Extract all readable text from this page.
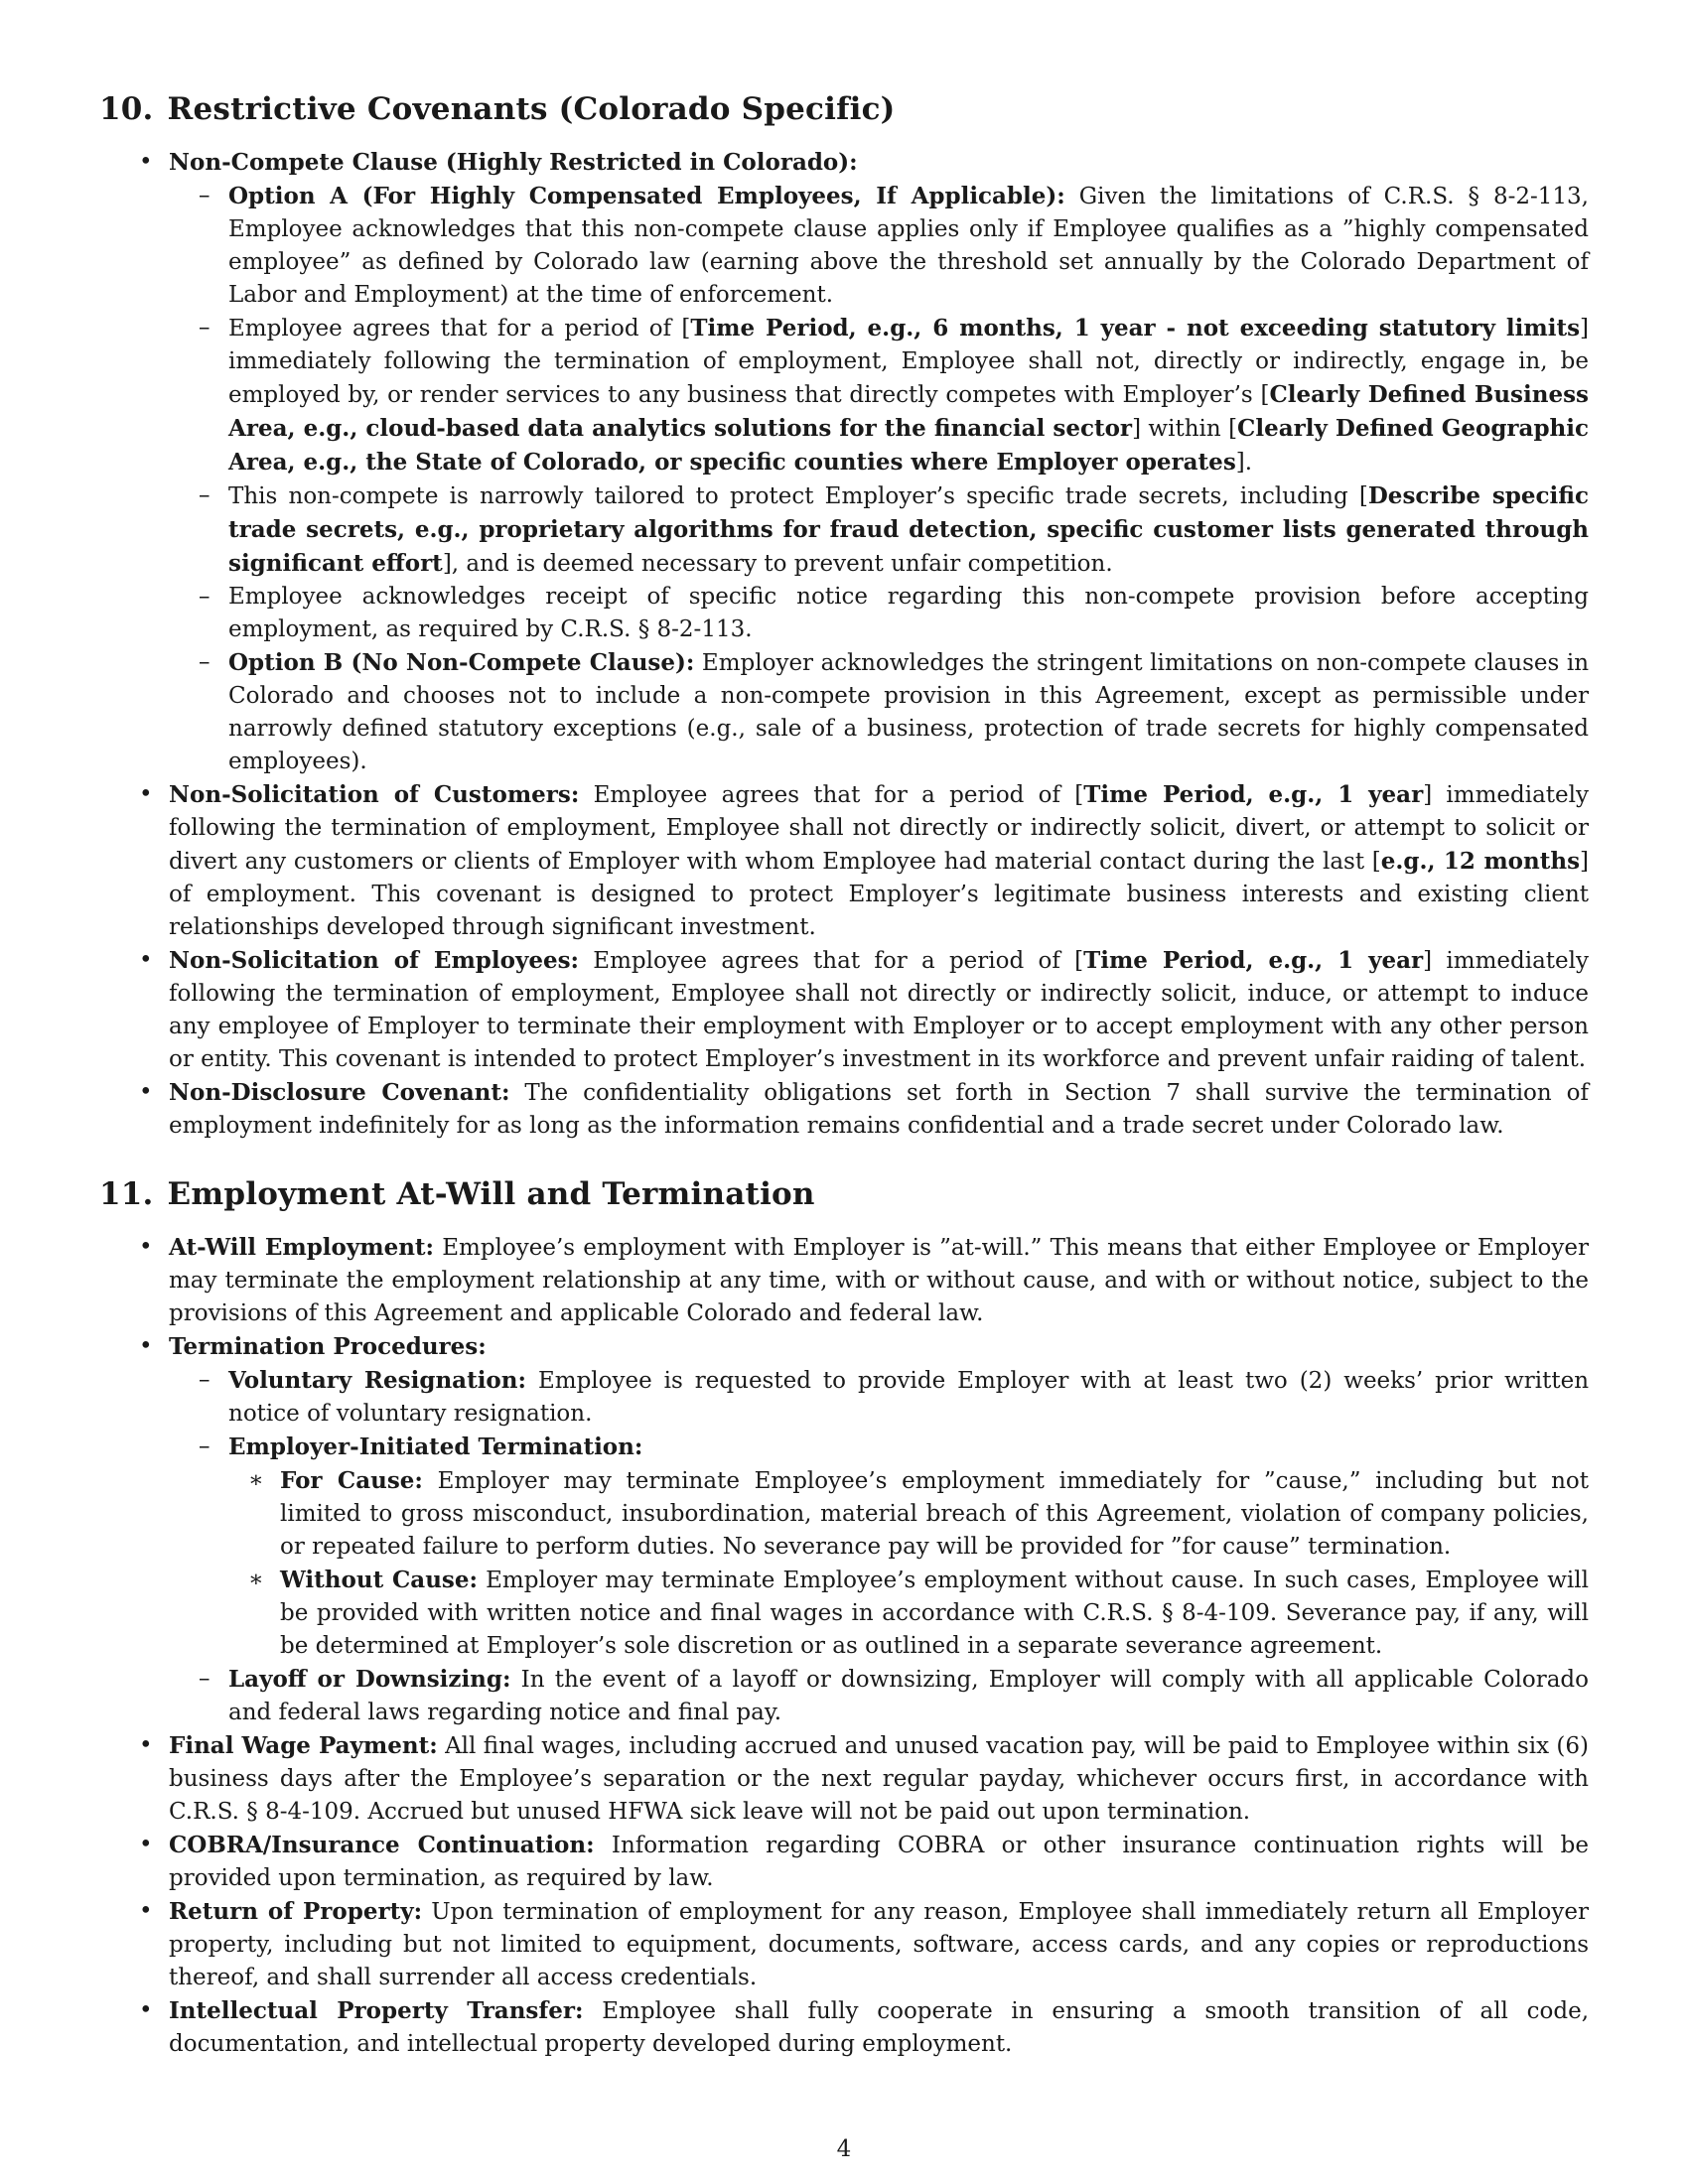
10. Restrictive Covenants (Colorado Specific)
• Non-Compete Clause (Highly Restricted in Colorado):
– Option A (For Highly Compensated Employees, If Applicable): Given the limitations of C.R.S. § 8-2-113, Employee acknowledges that this non-compete clause applies only if Employee qualifies as a ”highly compensated employee” as defined by Colorado law (earning above the threshold set annually by the Colorado Department of Labor and Employment) at the time of enforcement.
– Employee agrees that for a period of [Time Period, e.g., 6 months, 1 year - not exceeding statutory limits] immediately following the termination of employment, Employee shall not, directly or indirectly, engage in, be employed by, or render services to any business that directly competes with Employer’s [Clearly Defined Business Area, e.g., cloud-based data analytics solutions for the financial sector] within [Clearly Defined Geographic Area, e.g., the State of Colorado, or specific counties where Employer operates].
– This non-compete is narrowly tailored to protect Employer’s specific trade secrets, including [Describe specific trade secrets, e.g., proprietary algorithms for fraud detection, specific customer lists generated through significant effort], and is deemed necessary to prevent unfair competition.
– Employee acknowledges receipt of specific notice regarding this non-compete provision before accepting employment, as required by C.R.S. § 8-2-113.
– Option B (No Non-Compete Clause): Employer acknowledges the stringent limitations on non-compete clauses in Colorado and chooses not to include a non-compete provision in this Agreement, except as permissible under narrowly defined statutory exceptions (e.g., sale of a business, protection of trade secrets for highly compensated employees).
• Non-Solicitation of Customers: Employee agrees that for a period of [Time Period, e.g., 1 year] immediately following the termination of employment, Employee shall not directly or indirectly solicit, divert, or attempt to solicit or divert any customers or clients of Employer with whom Employee had material contact during the last [e.g., 12 months] of employment. This covenant is designed to protect Employer’s legitimate business interests and existing client relationships developed through significant investment.
• Non-Solicitation of Employees: Employee agrees that for a period of [Time Period, e.g., 1 year] immediately following the termination of employment, Employee shall not directly or indirectly solicit, induce, or attempt to induce any employee of Employer to terminate their employment with Employer or to accept employment with any other person or entity. This covenant is intended to protect Employer’s investment in its workforce and prevent unfair raiding of talent.
• Non-Disclosure Covenant: The confidentiality obligations set forth in Section 7 shall survive the termination of employment indefinitely for as long as the information remains confidential and a trade secret under Colorado law.
11. Employment At-Will and Termination
• At-Will Employment: Employee’s employment with Employer is ”at-will.” This means that either Employee or Employer may terminate the employment relationship at any time, with or without cause, and with or without notice, subject to the provisions of this Agreement and applicable Colorado and federal law.
• Termination Procedures:
– Voluntary Resignation: Employee is requested to provide Employer with at least two (2) weeks’ prior written notice of voluntary resignation.
– Employer-Initiated Termination:
∗ For Cause: Employer may terminate Employee’s employment immediately for ”cause,” including but not limited to gross misconduct, insubordination, material breach of this Agreement, violation of company policies, or repeated failure to perform duties. No severance pay will be provided for ”for cause” termination.
∗ Without Cause: Employer may terminate Employee’s employment without cause. In such cases, Employee will be provided with written notice and final wages in accordance with C.R.S. § 8-4-109. Severance pay, if any, will be determined at Employer’s sole discretion or as outlined in a separate severance agreement.
– Layoff or Downsizing: In the event of a layoff or downsizing, Employer will comply with all applicable Colorado and federal laws regarding notice and final pay.
• Final Wage Payment: All final wages, including accrued and unused vacation pay, will be paid to Employee within six (6) business days after the Employee’s separation or the next regular payday, whichever occurs first, in accordance with C.R.S. § 8-4-109. Accrued but unused HFWA sick leave will not be paid out upon termination.
• COBRA/Insurance Continuation: Information regarding COBRA or other insurance continuation rights will be provided upon termination, as required by law.
• Return of Property: Upon termination of employment for any reason, Employee shall immediately return all Employer property, including but not limited to equipment, documents, software, access cards, and any copies or reproductions thereof, and shall surrender all access credentials.
• Intellectual Property Transfer: Employee shall fully cooperate in ensuring a smooth transition of all code, documentation, and intellectual property developed during employment.
4
